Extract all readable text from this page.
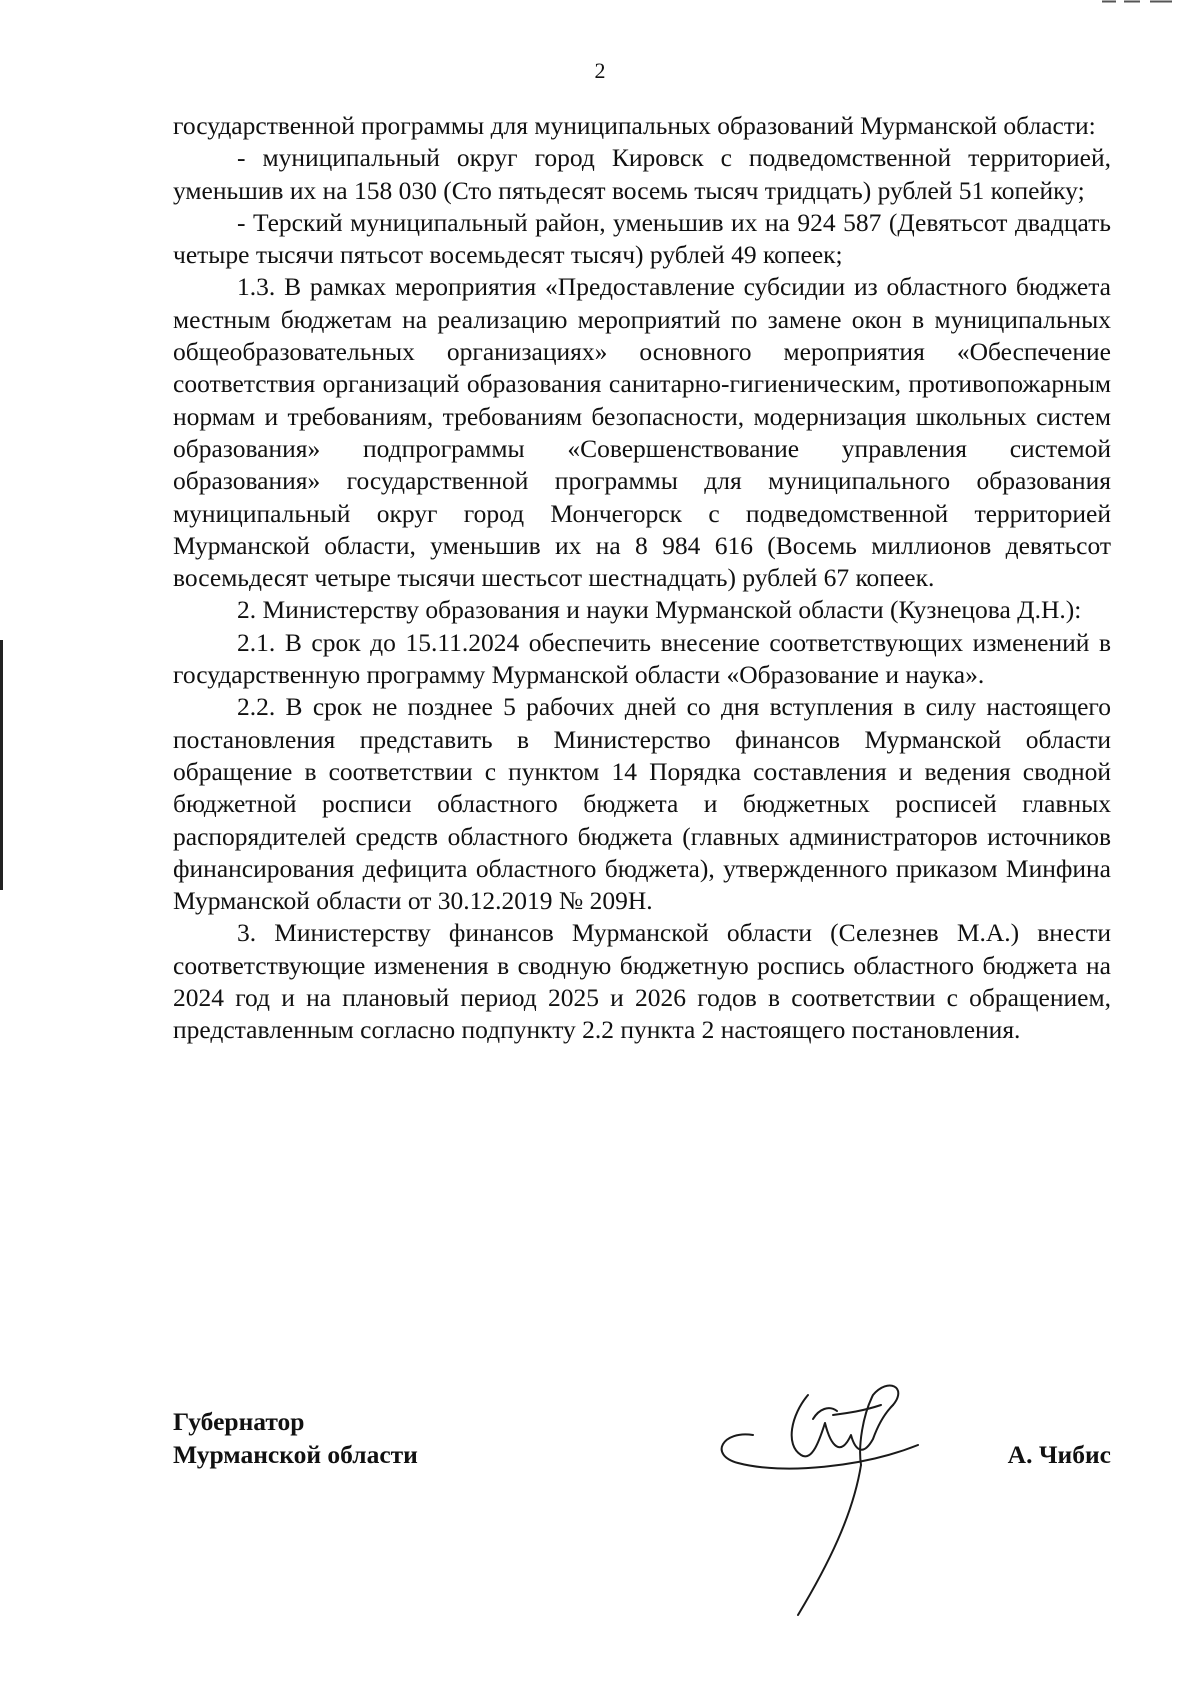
2

государственной программы для муниципальных образований Мурманской области:

- муниципальный округ город Кировск с подведомственной территорией, уменьшив их на 158 030 (Сто пятьдесят восемь тысяч тридцать) рублей 51 копейку;

- Терский муниципальный район, уменьшив их на 924 587 (Девятьсот двадцать четыре тысячи пятьсот восемьдесят тысяч) рублей 49 копеек;

1.3. В рамках мероприятия «Предоставление субсидии из областного бюджета местным бюджетам на реализацию мероприятий по замене окон в муниципальных общеобразовательных организациях» основного мероприятия «Обеспечение соответствия организаций образования санитарно-гигиеническим, противопожарным нормам и требованиям, требованиям безопасности, модернизация школьных систем образования» подпрограммы «Совершенствование управления системой образования» государственной программы для муниципального образования муниципальный округ город Мончегорск с подведомственной территорией Мурманской области, уменьшив их на 8 984 616 (Восемь миллионов девятьсот восемьдесят четыре тысячи шестьсот шестнадцать) рублей 67 копеек.

2. Министерству образования и науки Мурманской области (Кузнецова Д.Н.):

2.1. В срок до 15.11.2024 обеспечить внесение соответствующих изменений в государственную программу Мурманской области «Образование и наука».

2.2. В срок не позднее 5 рабочих дней со дня вступления в силу настоящего постановления представить в Министерство финансов Мурманской области обращение в соответствии с пунктом 14 Порядка составления и ведения сводной бюджетной росписи областного бюджета и бюджетных росписей главных распорядителей средств областного бюджета (главных администраторов источников финансирования дефицита областного бюджета), утвержденного приказом Минфина Мурманской области от 30.12.2019 № 209Н.

3. Министерству финансов Мурманской области (Селезнев М.А.) внести соответствующие изменения в сводную бюджетную роспись областного бюджета на 2024 год и на плановый период 2025 и 2026 годов в соответствии с обращением, представленным согласно подпункту 2.2 пункта 2 настоящего постановления.

Губернатор
Мурманской области	А. Чибис
